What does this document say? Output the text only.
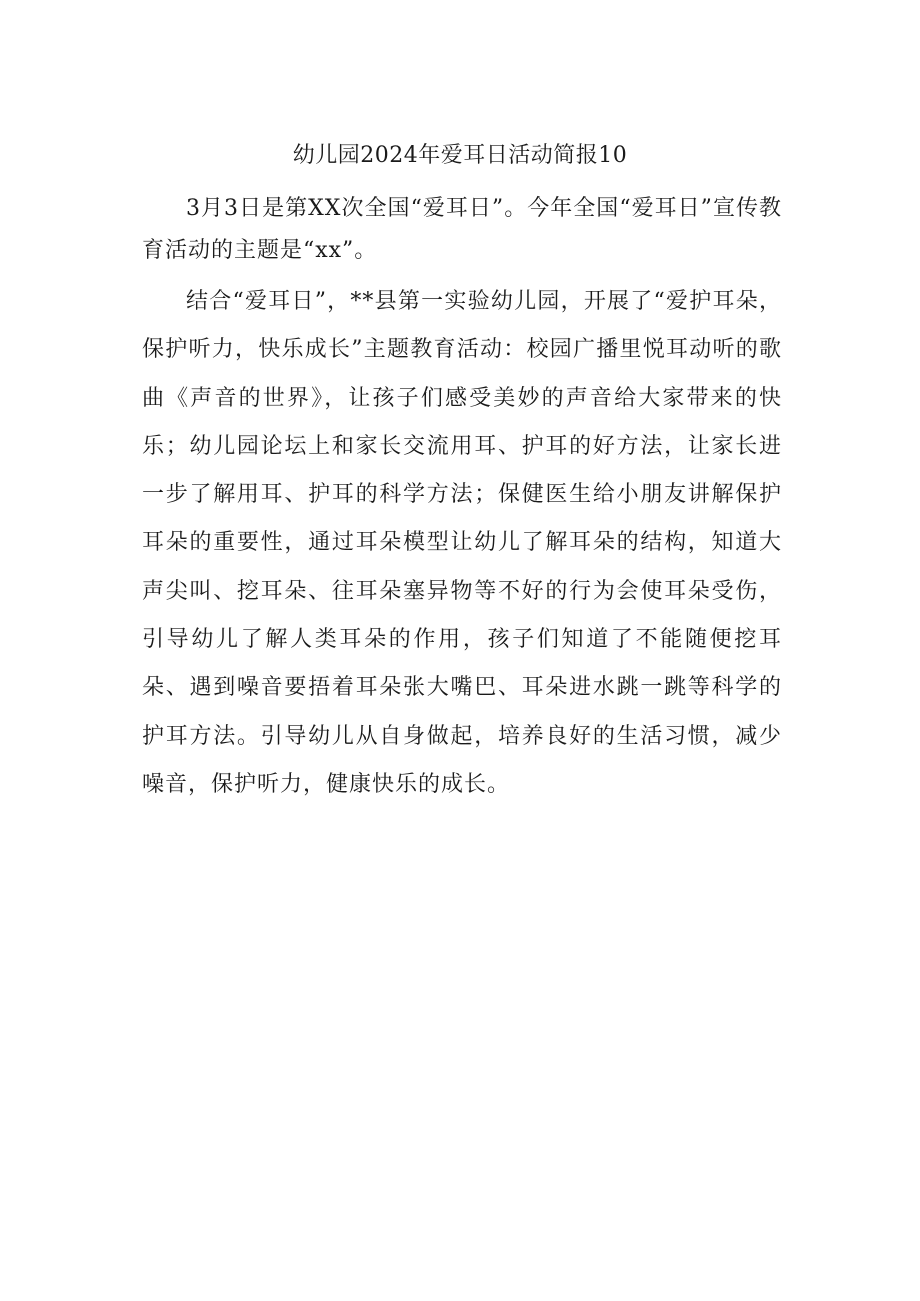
幼儿园2024年爱耳日活动简报10

3月3日是第XX次全国“爱耳日”。今年全国“爱耳日”宣传教育活动的主题是“xx”。

结合“爱耳日”，**县第一实验幼儿园，开展了“爱护耳朵，保护听力，快乐成长”主题教育活动：校园广播里悦耳动听的歌曲《声音的世界》，让孩子们感受美妙的声音给大家带来的快乐；幼儿园论坛上和家长交流用耳、护耳的好方法，让家长进一步了解用耳、护耳的科学方法；保健医生给小朋友讲解保护耳朵的重要性，通过耳朵模型让幼儿了解耳朵的结构，知道大声尖叫、挖耳朵、往耳朵塞异物等不好的行为会使耳朵受伤，引导幼儿了解人类耳朵的作用，孩子们知道了不能随便挖耳朵、遇到噪音要捂着耳朵张大嘴巴、耳朵进水跳一跳等科学的护耳方法。引导幼儿从自身做起，培养良好的生活习惯，减少噪音，保护听力，健康快乐的成长。
